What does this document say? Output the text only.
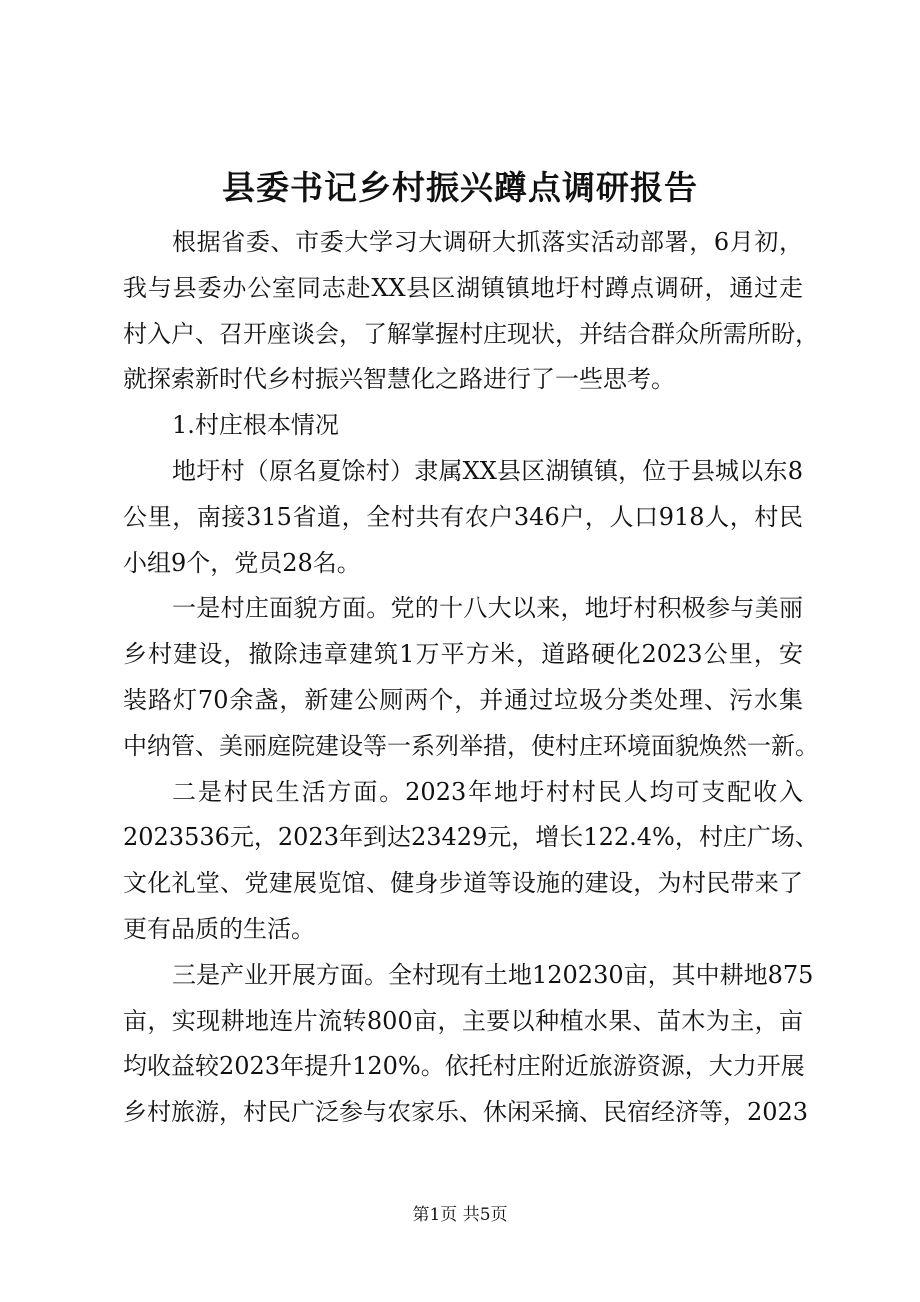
县委书记乡村振兴蹲点调研报告
根据省委、市委大学习大调研大抓落实活动部署，6月初，
我与县委办公室同志赴XX县区湖镇镇地圩村蹲点调研，通过走
村入户、召开座谈会，了解掌握村庄现状，并结合群众所需所盼，
就探索新时代乡村振兴智慧化之路进行了一些思考。
1.村庄根本情况
地圩村（原名夏馀村）隶属XX县区湖镇镇，位于县城以东8
公里，南接315省道，全村共有农户346户，人口918人，村民
小组9个，党员28名。
一是村庄面貌方面。党的十八大以来，地圩村积极参与美丽
乡村建设，撤除违章建筑1万平方米，道路硬化2023公里，安
装路灯70余盏，新建公厕两个，并通过垃圾分类处理、污水集
中纳管、美丽庭院建设等一系列举措，使村庄环境面貌焕然一新。
二是村民生活方面。2023年地圩村村民人均可支配收入
2023536元，2023年到达23429元，增长122.4%，村庄广场、
文化礼堂、党建展览馆、健身步道等设施的建设，为村民带来了
更有品质的生活。
三是产业开展方面。全村现有土地120230亩，其中耕地875
亩，实现耕地连片流转800亩，主要以种植水果、苗木为主，亩
均收益较2023年提升120%。依托村庄附近旅游资源，大力开展
乡村旅游，村民广泛参与农家乐、休闲采摘、民宿经济等，2023
第1页 共5页
